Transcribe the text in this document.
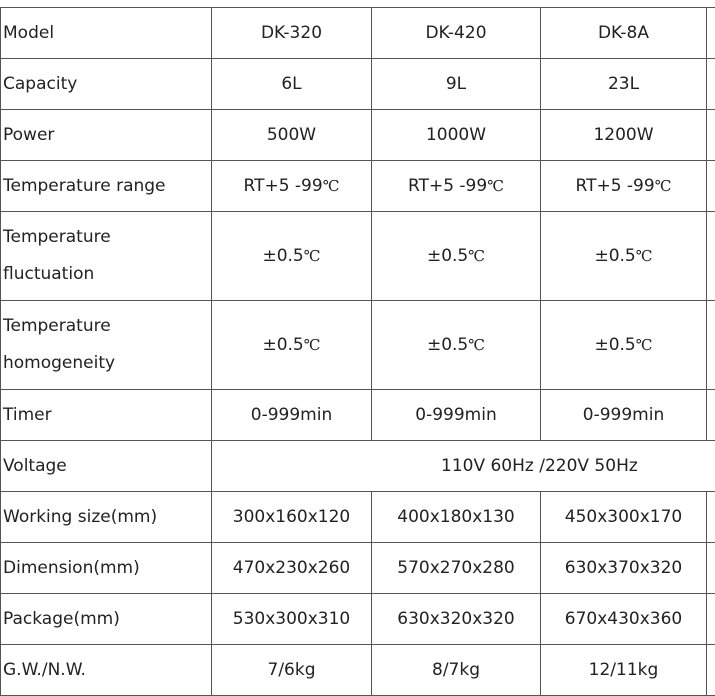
Model	DK-320	DK-420	DK-8A	
Capacity	6L	9L	23L	
Power	500W	1000W	1200W	
Temperature range	RT+5 -99℃	RT+5 -99℃	RT+5 -99℃	
Temperature
fluctuation	±0.5℃	±0.5℃	±0.5℃	
Temperature
homogeneity	±0.5℃	±0.5℃	±0.5℃	
Timer	0-999min	0-999min	0-999min	
Voltage	110V 60Hz /220V 50Hz			
Working size(mm)	300x160x120	400x180x130	450x300x170	
Dimension(mm)	470x230x260	570x270x280	630x370x320	
Package(mm)	530x300x310	630x320x320	670x430x360	
G.W./N.W.	7/6kg	8/7kg	12/11kg	
